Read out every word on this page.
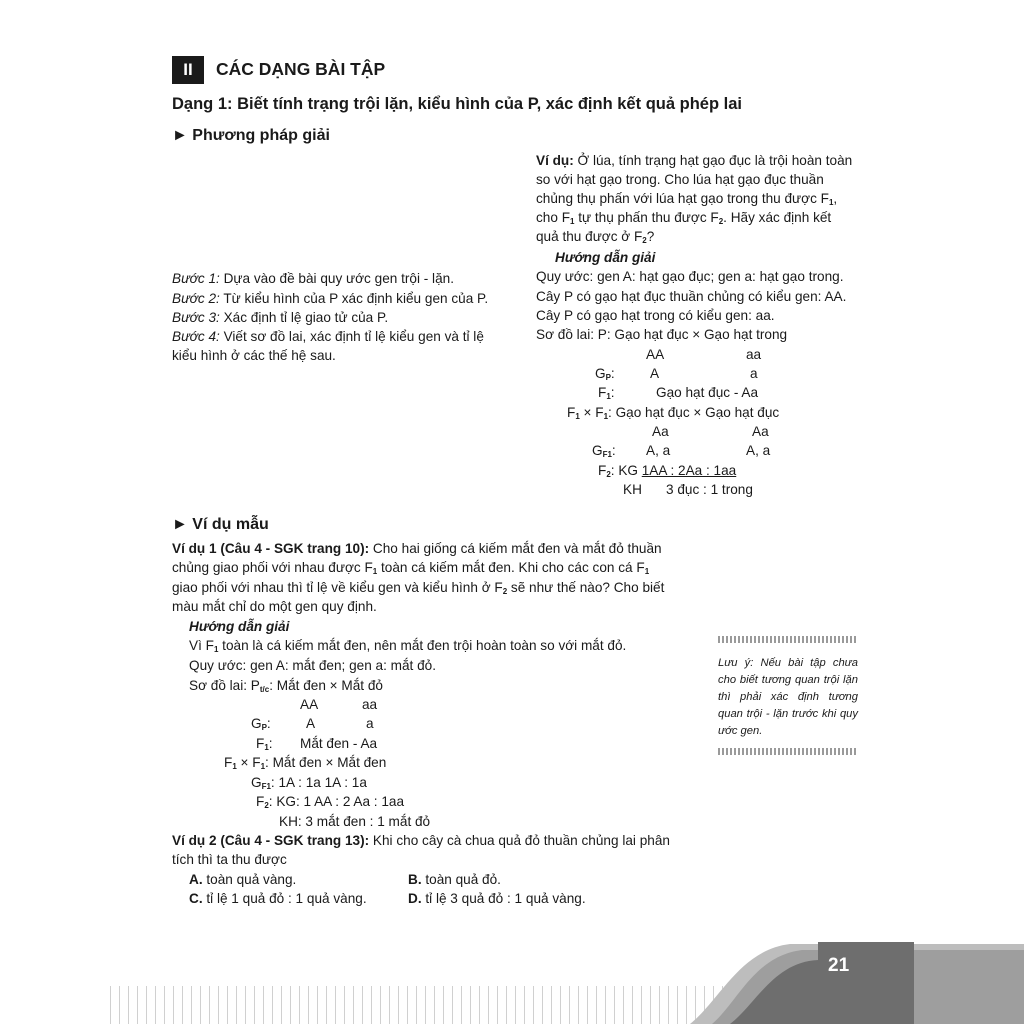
II	CÁC DẠNG BÀI TẬP
Dạng 1: Biết tính trạng trội lặn, kiểu hình của P, xác định kết quả phép lai
► Phương pháp giải
Bước 1: Dựa vào đề bài quy ước gen trội - lặn.
Bước 2: Từ kiểu hình của P xác định kiểu gen của P.
Bước 3: Xác định tỉ lệ giao tử của P.
Bước 4: Viết sơ đồ lai, xác định tỉ lệ kiểu gen và tỉ lệ
kiểu hình ở các thế hệ sau.
Ví dụ: Ở lúa, tính trạng hạt gạo đục là trội hoàn toàn
so với hạt gạo trong. Cho lúa hạt gạo đục thuần
chủng thụ phấn với lúa hạt gạo trong thu được $F_1$,
cho $F_1$ tự thụ phấn thu được $F_2$. Hãy xác định kết
quả thu được ở $F_2$?
Hướng dẫn giải
Quy ước: gen A: hạt gạo đục; gen a: hạt gạo trong.
Cây P có gạo hạt đục thuần chủng có kiểu gen: AA.
Cây P có gạo hạt trong có kiểu gen: aa.
Sơ đồ lai: P: Gạo hạt đục × Gạo hạt trong
AA	aa
$G_P$:	A	a
$F_1$:	Gạo hạt đục - Aa
$F_1 \times F_1$: Gạo hạt đục × Gạo hạt đục
Aa	Aa
$G_{F1}$: A, a	A, a
$F_2$: KG 1AA : 2Aa : 1aa
KH 3 đục : 1 trong
► Ví dụ mẫu
Ví dụ 1 (Câu 4 - SGK trang 10): Cho hai giống cá kiếm mắt đen và mắt đỏ thuần
chủng giao phối với nhau được $F_1$ toàn cá kiếm mắt đen. Khi cho các con cá $F_1$
giao phối với nhau thì tỉ lệ về kiểu gen và kiểu hình ở $F_2$ sẽ như thế nào? Cho biết
màu mắt chỉ do một gen quy định.
Hướng dẫn giải
Vì $F_1$ toàn là cá kiếm mắt đen, nên mắt đen trội hoàn toàn so với mắt đỏ.
Quy ước: gen A: mắt đen; gen a: mắt đỏ.
Sơ đồ lai: $P_{t/c}$: Mắt đen × Mắt đỏ
AA	aa
$G_P$:	A	a
$F_1$: Mắt đen - Aa
$F_1 \times F_1$: Mắt đen × Mắt đen
$G_{F1}$: 1A : 1a 1A : 1a
$F_2$: KG: 1 AA : 2 Aa : 1aa
KH: 3 mắt đen : 1 mắt đỏ
Ví dụ 2 (Câu 4 - SGK trang 13): Khi cho cây cà chua quả đỏ thuần chủng lai phân
tích thì ta thu được
A. toàn quả vàng.	B. toàn quả đỏ.
C. tỉ lệ 1 quả đỏ : 1 quả vàng.	D. tỉ lệ 3 quả đỏ : 1 quả vàng.
Lưu ý: Nếu bài tập chưa cho biết tương quan trội lặn thì phải xác định tương quan trội - lặn trước khi quy ước gen.
21
